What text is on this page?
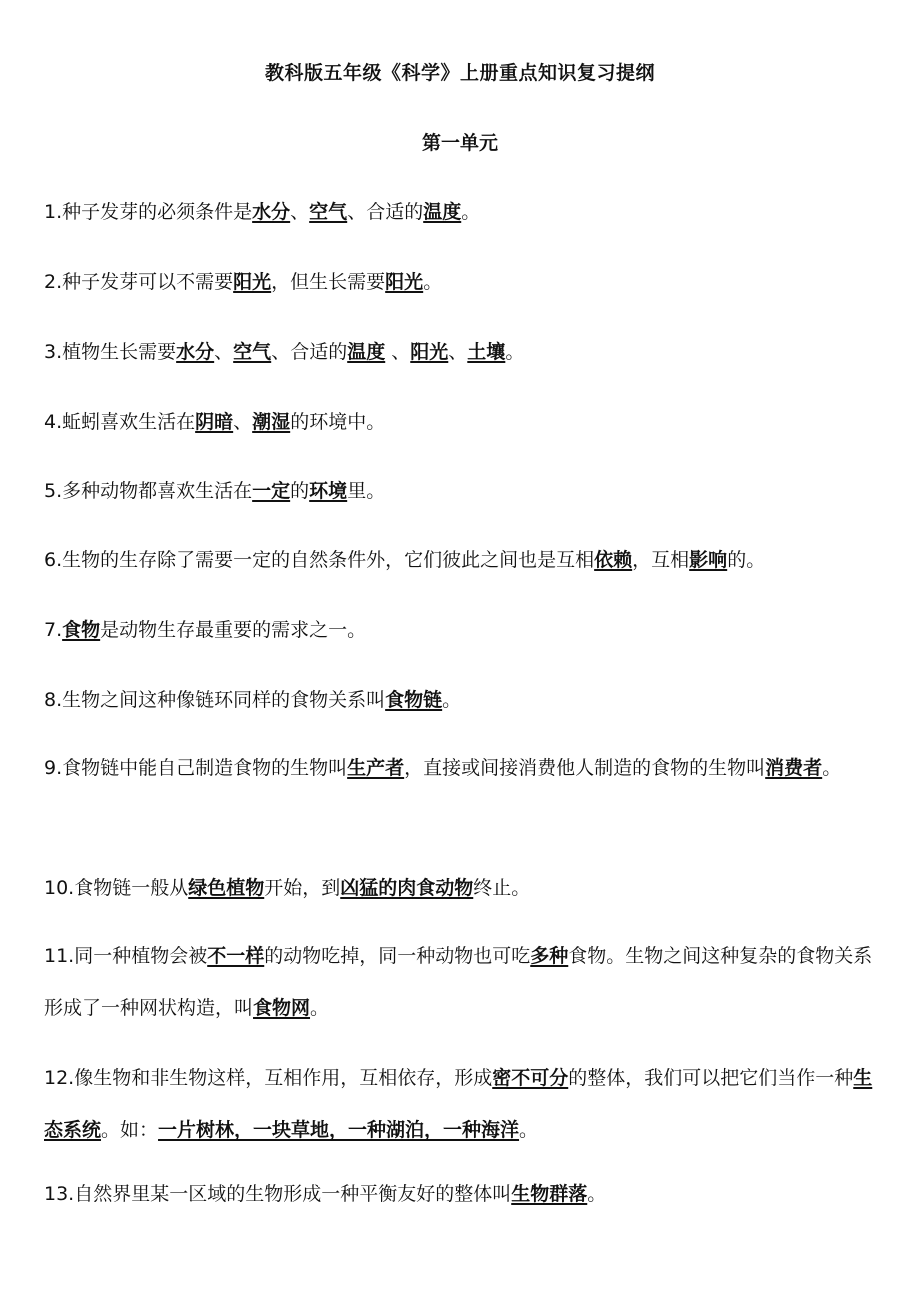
教科版五年级《科学》上册重点知识复习提纲
第一单元
1.种子发芽的必须条件是水分、空气、合适的温度。
2.种子发芽可以不需要阳光，但生长需要阳光。
3.植物生长需要水分、空气、合适的温度 、阳光、土壤。
4.蚯蚓喜欢生活在阴暗、潮湿的环境中。
5.多种动物都喜欢生活在一定的环境里。
6.生物的生存除了需要一定的自然条件外，它们彼此之间也是互相依赖，互相影响的。
7.食物是动物生存最重要的需求之一。
8.生物之间这种像链环同样的食物关系叫食物链。
9.食物链中能自己制造食物的生物叫生产者，直接或间接消费他人制造的食物的生物叫消费者。
10.食物链一般从绿色植物开始，到凶猛的肉食动物终止。
11.同一种植物会被不一样的动物吃掉，同一种动物也可吃多种食物。生物之间这种复杂的食物关系形成了一种网状构造，叫食物网。
12.像生物和非生物这样，互相作用，互相依存，形成密不可分的整体，我们可以把它们当作一种生态系统。如：一片树林，一块草地，一种湖泊，一种海洋。
13.自然界里某一区域的生物形成一种平衡友好的整体叫生物群落。
